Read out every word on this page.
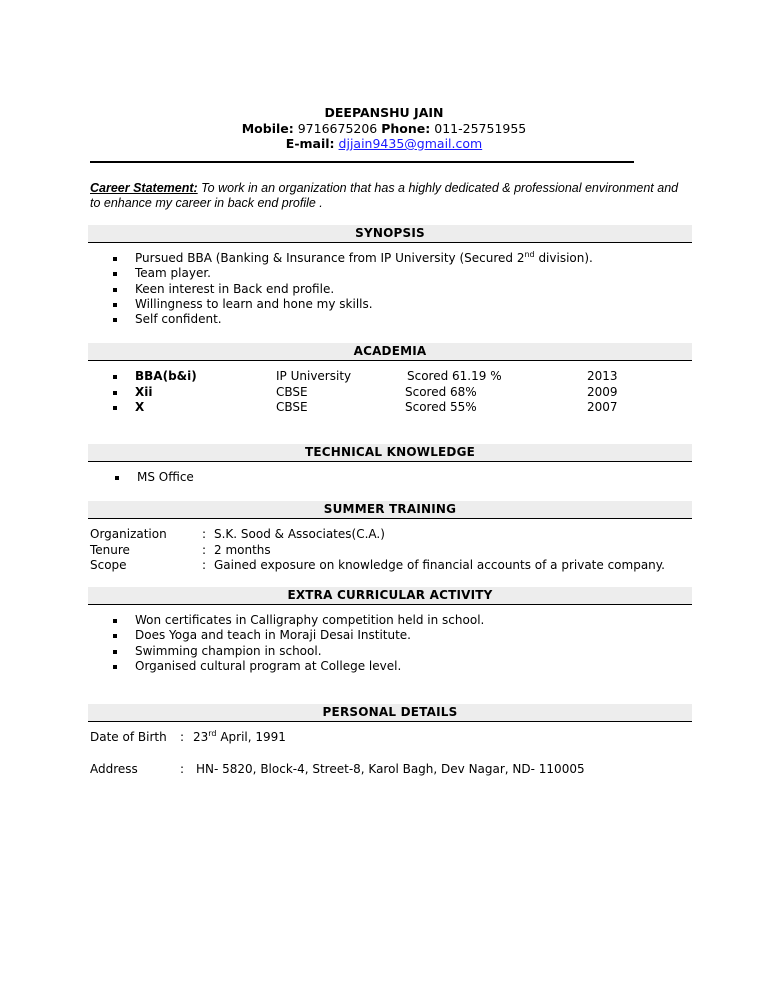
DEEPANSHU JAIN
Mobile: 9716675206 Phone: 011-25751955
E-mail: djjain9435@gmail.com
Career Statement: To work in an organization that has a highly dedicated & professional environment and to enhance my career in back end profile .
SYNOPSIS
Pursued BBA (Banking & Insurance from IP University (Secured 2nd division).
Team player.
Keen interest in Back end profile.
Willingness to learn and hone my skills.
Self confident.
ACADEMIA
BBA(b&i)	IP University	Scored 61.19 %	2013
Xii	CBSE	Scored 68%	2009
X	CBSE	Scored 55%	2007
TECHNICAL KNOWLEDGE
MS Office
SUMMER TRAINING
Organization	: S.K. Sood & Associates(C.A.)
Tenure	: 2 months
Scope	: Gained exposure on knowledge of financial accounts of a private company.
EXTRA CURRICULAR ACTIVITY
Won certificates in Calligraphy competition held in school.
Does Yoga and teach in Moraji Desai Institute.
Swimming champion in school.
Organised cultural program at College level.
PERSONAL DETAILS
Date of Birth : 23rd April, 1991
Address	: HN- 5820, Block-4, Street-8, Karol Bagh, Dev Nagar, ND- 110005
